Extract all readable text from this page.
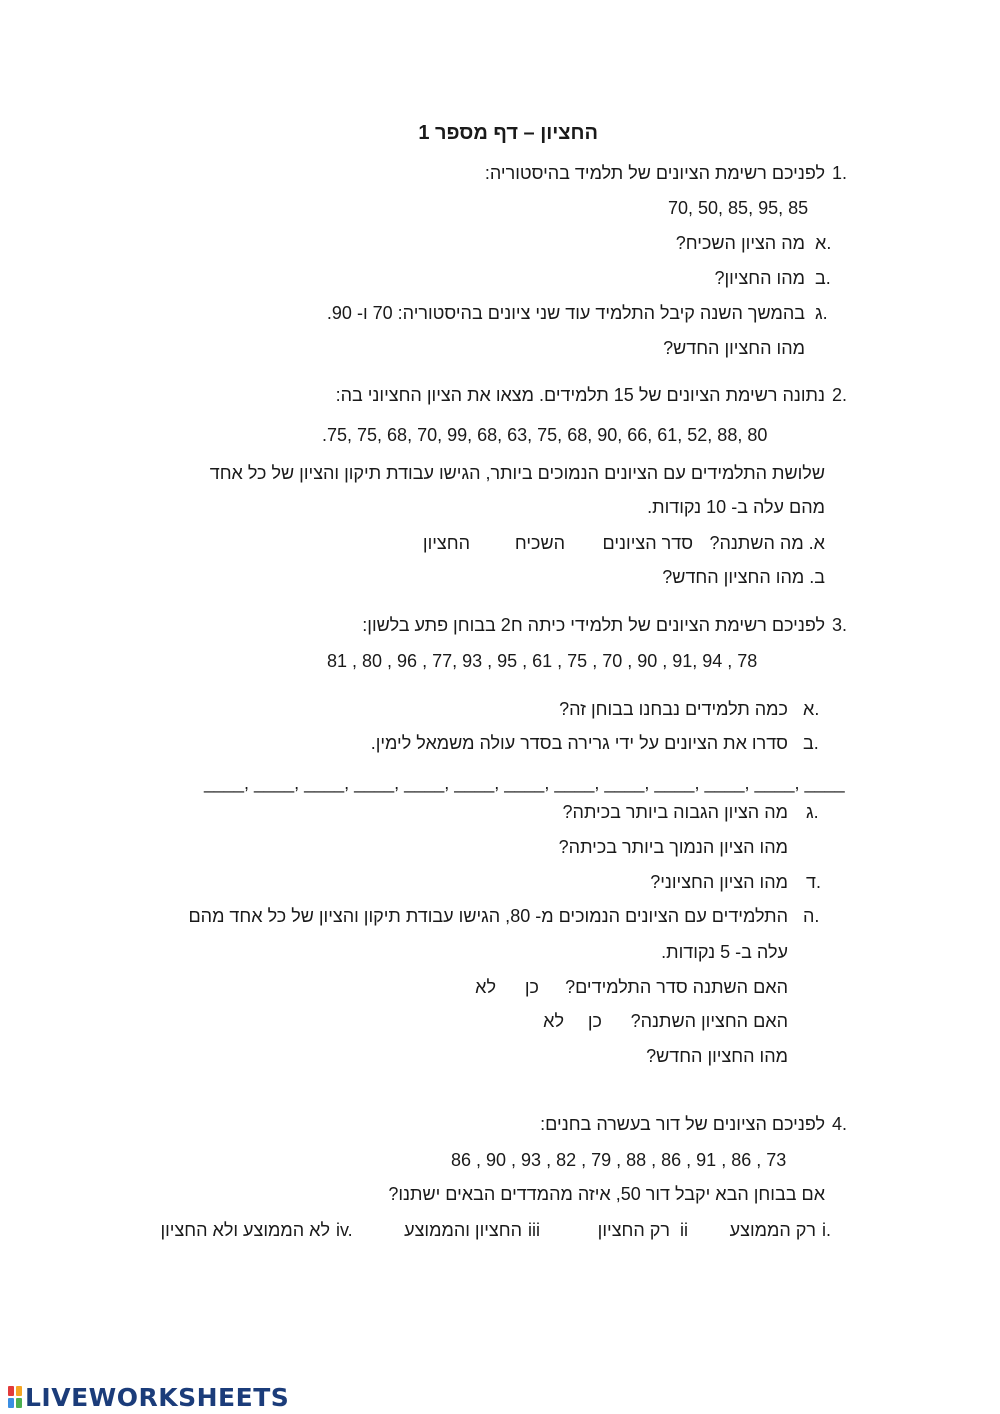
החציון – דף מספר 1
1.
לפניכם רשימת הציונים של תלמיד בהיסטוריה:
70, 50, 85, 95, 85
א.
מה הציון השכיח?
ב.
מהו החציון?
ג.
בהמשך השנה קיבל התלמיד עוד שני ציונים בהיסטוריה: 70 ו- 90.
מהו החציון החדש?
2.
נתונה רשימת הציונים של 15 תלמידים. מצאו את הציון החציוני בה:
.75, 75, 68, 70, 99, 68, 63, 75, 68, 90, 66, 61, 52, 88, 80
שלושת התלמידים עם הציונים הנמוכים ביותר, הגישו עבודת תיקון והציון של כל אחד
מהם עלה ב- 10 נקודות.
א. מה השתנה?
סדר הציונים
השכיח
החציון
ב. מהו החציון החדש?
3.
לפניכם רשימת הציונים של תלמידי כיתה ח2 בבוחן פתע בלשון:
81 , 80 , 96 , 77, 93 , 95 , 61 , 75 , 70 , 90 , 91, 94 , 78
א.
כמה תלמידים נבחנו בבוחן זה?
ב.
סדרו את הציונים על ידי גרירה בסדר עולה משמאל לימין.
____, ____, ____, ____, ____, ____, ____, ____, ____, ____, ____, ____, ____
ג.
מה הציון הגבוה ביותר בכיתה?
מהו הציון הנמוך ביותר בכיתה?
ד.
מהו הציון החציוני?
ה.
התלמידים עם הציונים הנמוכים מ- 80, הגישו עבודת תיקון והציון של כל אחד מהם
עלה ב- 5 נקודות.
האם השתנה סדר התלמידים?
כן
לא
האם החציון השתנה?
כן
לא
מהו החציון החדש?
4.
לפניכם הציונים של דור בעשרה בחנים:
86 , 90 , 93 , 82 , 79 , 88 , 86 , 91 , 86 , 73
אם בבוחן הבא יקבל דור 50, איזה מהמדדים הבאים ישתנו?
i.
רק הממוצע
ii
רק החציון
iii
החציון והממוצע
iv.
לא הממוצע ולא החציון
LIVEWORKSHEETS
